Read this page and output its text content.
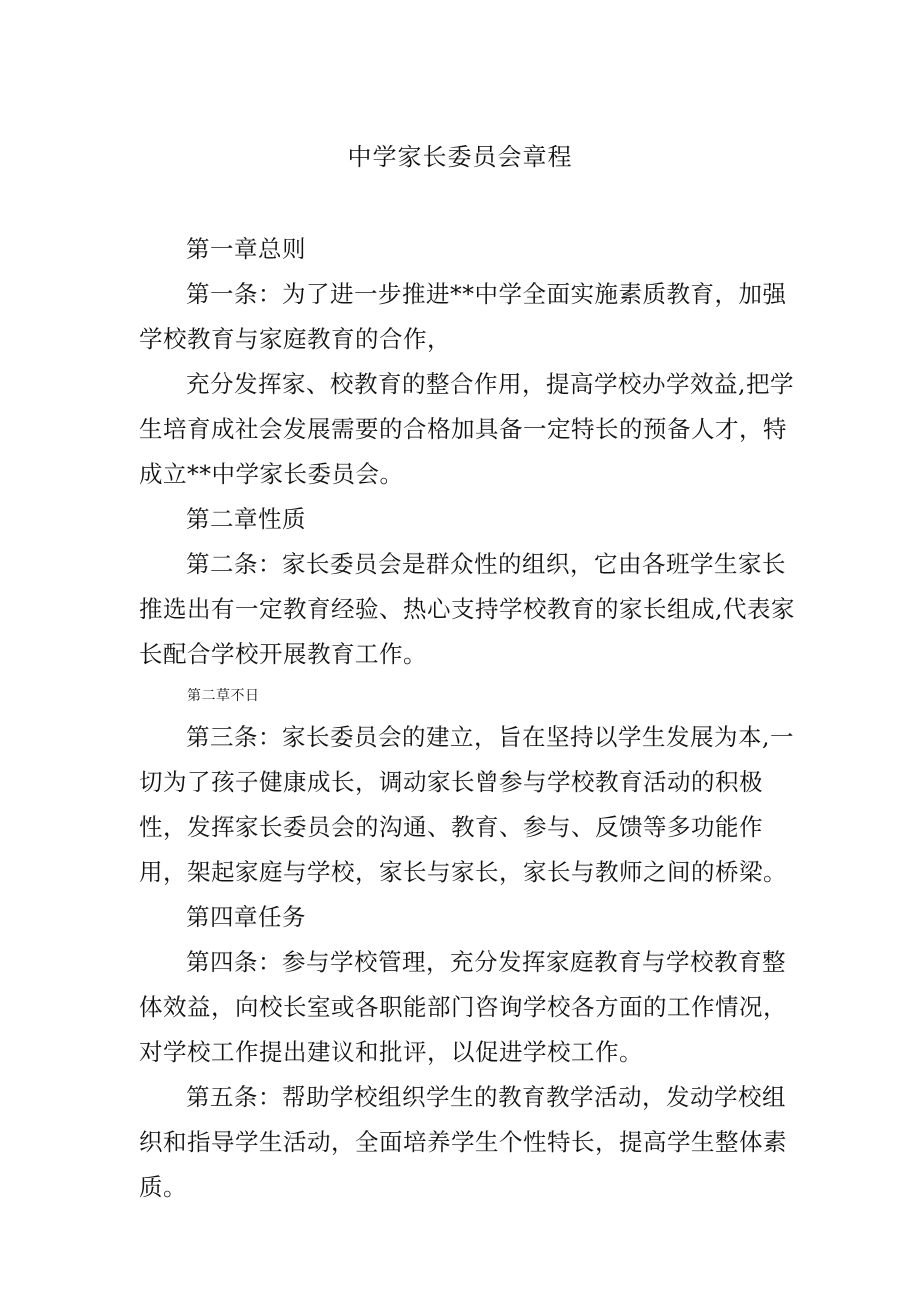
中学家长委员会章程

第一章总则

第一条：为了进一步推进**中学全面实施素质教育，加强学校教育与家庭教育的合作，

充分发挥家、校教育的整合作用，提高学校办学效益,把学生培育成社会发展需要的合格加具备一定特长的预备人才，特成立**中学家长委员会。

第二章性质

第二条：家长委员会是群众性的组织，它由各班学生家长推选出有一定教育经验、热心支持学校教育的家长组成,代表家长配合学校开展教育工作。

第二草不日

第三条：家长委员会的建立，旨在坚持以学生发展为本,一切为了孩子健康成长，调动家长曾参与学校教育活动的积极性，发挥家长委员会的沟通、教育、参与、反馈等多功能作用，架起家庭与学校，家长与家长，家长与教师之间的桥梁。

第四章任务

第四条：参与学校管理，充分发挥家庭教育与学校教育整体效益，向校长室或各职能部门咨询学校各方面的工作情况，对学校工作提出建议和批评，以促进学校工作。

第五条：帮助学校组织学生的教育教学活动，发动学校组织和指导学生活动，全面培养学生个性特长，提高学生整体素质。
